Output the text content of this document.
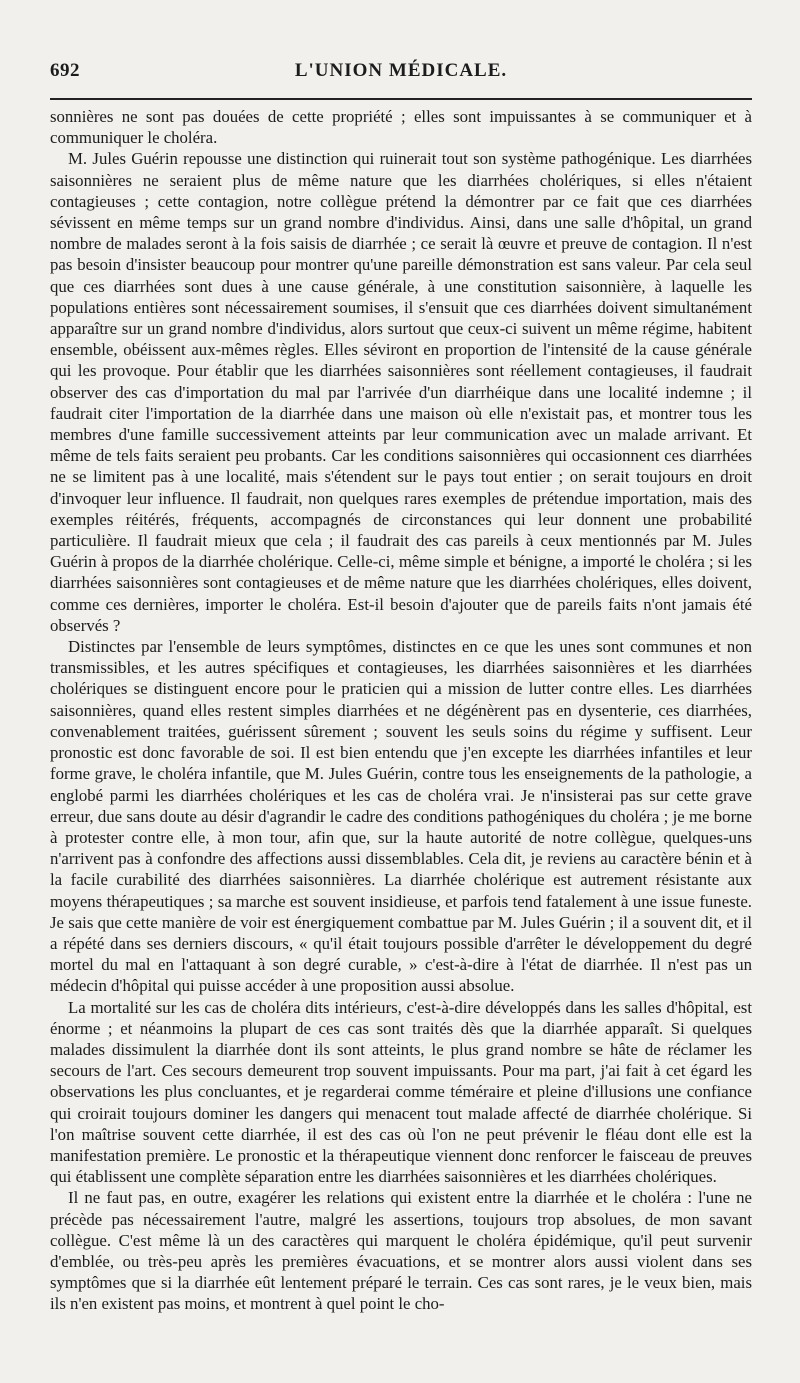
692	L'UNION MÉDICALE.

sonnières ne sont pas douées de cette propriété ; elles sont impuissantes à se communiquer et à communiquer le choléra.

M. Jules Guérin repousse une distinction qui ruinerait tout son système pathogénique. Les diarrhées saisonnières ne seraient plus de même nature que les diarrhées cholériques, si elles n'étaient contagieuses ; cette contagion, notre collègue prétend la démontrer par ce fait que ces diarrhées sévissent en même temps sur un grand nombre d'individus. Ainsi, dans une salle d'hôpital, un grand nombre de malades seront à la fois saisis de diarrhée ; ce serait là œuvre et preuve de contagion. Il n'est pas besoin d'insister beaucoup pour montrer qu'une pareille démonstration est sans valeur. Par cela seul que ces diarrhées sont dues à une cause générale, à une constitution saisonnière, à laquelle les populations entières sont nécessairement soumises, il s'ensuit que ces diarrhées doivent simultanément apparaître sur un grand nombre d'individus, alors surtout que ceux-ci suivent un même régime, habitent ensemble, obéissent aux-mêmes règles. Elles séviront en proportion de l'intensité de la cause générale qui les provoque. Pour établir que les diarrhées saisonnières sont réellement contagieuses, il faudrait observer des cas d'importation du mal par l'arrivée d'un diarrhéique dans une localité indemne ; il faudrait citer l'importation de la diarrhée dans une maison où elle n'existait pas, et montrer tous les membres d'une famille successivement atteints par leur communication avec un malade arrivant. Et même de tels faits seraient peu probants. Car les conditions saisonnières qui occasionnent ces diarrhées ne se limitent pas à une localité, mais s'étendent sur le pays tout entier ; on serait toujours en droit d'invoquer leur influence. Il faudrait, non quelques rares exemples de prétendue importation, mais des exemples réitérés, fréquents, accompagnés de circonstances qui leur donnent une probabilité particulière. Il faudrait mieux que cela ; il faudrait des cas pareils à ceux mentionnés par M. Jules Guérin à propos de la diarrhée cholérique. Celle-ci, même simple et bénigne, a importé le choléra ; si les diarrhées saisonnières sont contagieuses et de même nature que les diarrhées cholériques, elles doivent, comme ces dernières, importer le choléra. Est-il besoin d'ajouter que de pareils faits n'ont jamais été observés ?

Distinctes par l'ensemble de leurs symptômes, distinctes en ce que les unes sont communes et non transmissibles, et les autres spécifiques et contagieuses, les diarrhées saisonnières et les diarrhées cholériques se distinguent encore pour le praticien qui a mission de lutter contre elles. Les diarrhées saisonnières, quand elles restent simples diarrhées et ne dégénèrent pas en dysenterie, ces diarrhées, convenablement traitées, guérissent sûrement ; souvent les seuls soins du régime y suffisent. Leur pronostic est donc favorable de soi. Il est bien entendu que j'en excepte les diarrhées infantiles et leur forme grave, le choléra infantile, que M. Jules Guérin, contre tous les enseignements de la pathologie, a englobé parmi les diarrhées cholériques et les cas de choléra vrai. Je n'insisterai pas sur cette grave erreur, due sans doute au désir d'agrandir le cadre des conditions pathogéniques du choléra ; je me borne à protester contre elle, à mon tour, afin que, sur la haute autorité de notre collègue, quelques-uns n'arrivent pas à confondre des affections aussi dissemblables. Cela dit, je reviens au caractère bénin et à la facile curabilité des diarrhées saisonnières. La diarrhée cholérique est autrement résistante aux moyens thérapeutiques ; sa marche est souvent insidieuse, et parfois tend fatalement à une issue funeste. Je sais que cette manière de voir est énergiquement combattue par M. Jules Guérin ; il a souvent dit, et il a répété dans ses derniers discours, « qu'il était toujours possible d'arrêter le développement du degré mortel du mal en l'attaquant à son degré curable, » c'est-à-dire à l'état de diarrhée. Il n'est pas un médecin d'hôpital qui puisse accéder à une proposition aussi absolue.

La mortalité sur les cas de choléra dits intérieurs, c'est-à-dire développés dans les salles d'hôpital, est énorme ; et néanmoins la plupart de ces cas sont traités dès que la diarrhée apparaît. Si quelques malades dissimulent la diarrhée dont ils sont atteints, le plus grand nombre se hâte de réclamer les secours de l'art. Ces secours demeurent trop souvent impuissants. Pour ma part, j'ai fait à cet égard les observations les plus concluantes, et je regarderai comme téméraire et pleine d'illusions une confiance qui croirait toujours dominer les dangers qui menacent tout malade affecté de diarrhée cholérique. Si l'on maîtrise souvent cette diarrhée, il est des cas où l'on ne peut prévenir le fléau dont elle est la manifestation première. Le pronostic et la thérapeutique viennent donc renforcer le faisceau de preuves qui établissent une complète séparation entre les diarrhées saisonnières et les diarrhées cholériques.

Il ne faut pas, en outre, exagérer les relations qui existent entre la diarrhée et le choléra : l'une ne précède pas nécessairement l'autre, malgré les assertions, toujours trop absolues, de mon savant collègue. C'est même là un des caractères qui marquent le choléra épidémique, qu'il peut survenir d'emblée, ou très-peu après les premières évacuations, et se montrer alors aussi violent dans ses symptômes que si la diarrhée eût lentement préparé le terrain. Ces cas sont rares, je le veux bien, mais ils n'en existent pas moins, et montrent à quel point le cho-
